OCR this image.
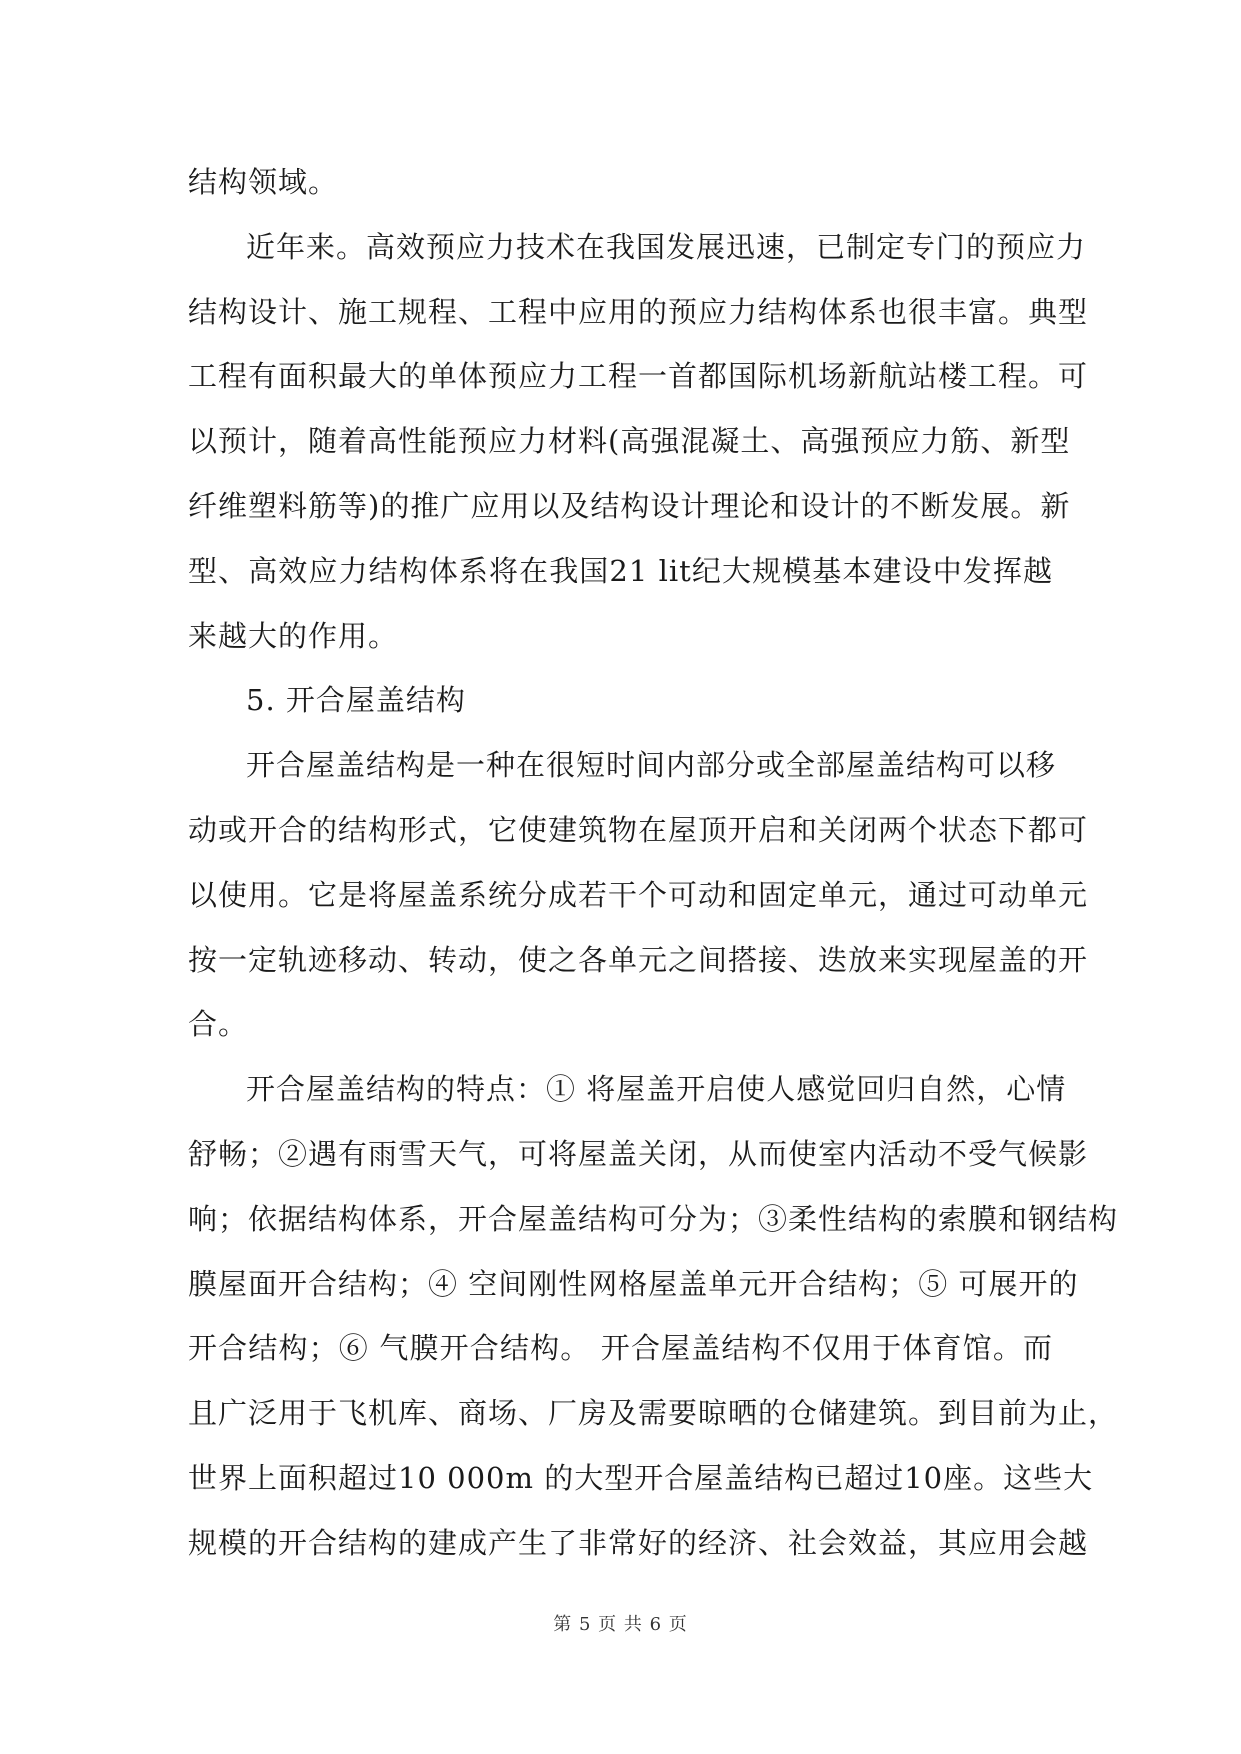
结构领域。
近年来。高效预应力技术在我国发展迅速，已制定专门的预应力
结构设计、施工规程、工程中应用的预应力结构体系也很丰富。典型
工程有面积最大的单体预应力工程一首都国际机场新航站楼工程。可
以预计，随着高性能预应力材料(高强混凝土、高强预应力筋、新型
纤维塑料筋等)的推广应用以及结构设计理论和设计的不断发展。新
型、高效应力结构体系将在我国21 lit纪大规模基本建设中发挥越
来越大的作用。
5. 开合屋盖结构
开合屋盖结构是一种在很短时间内部分或全部屋盖结构可以移
动或开合的结构形式，它使建筑物在屋顶开启和关闭两个状态下都可
以使用。它是将屋盖系统分成若干个可动和固定单元，通过可动单元
按一定轨迹移动、转动，使之各单元之间搭接、迭放来实现屋盖的开
合。
开合屋盖结构的特点：① 将屋盖开启使人感觉回归自然，心情
舒畅；②遇有雨雪天气，可将屋盖关闭，从而使室内活动不受气候影
响；依据结构体系，开合屋盖结构可分为；③柔性结构的索膜和钢结构
膜屋面开合结构；④ 空间刚性网格屋盖单元开合结构；⑤ 可展开的
开合结构；⑥ 气膜开合结构。 开合屋盖结构不仅用于体育馆。而
且广泛用于飞机库、商场、厂房及需要晾晒的仓储建筑。到目前为止，
世界上面积超过10 000m 的大型开合屋盖结构已超过10座。这些大
规模的开合结构的建成产生了非常好的经济、社会效益，其应用会越
第 5 页 共 6 页
